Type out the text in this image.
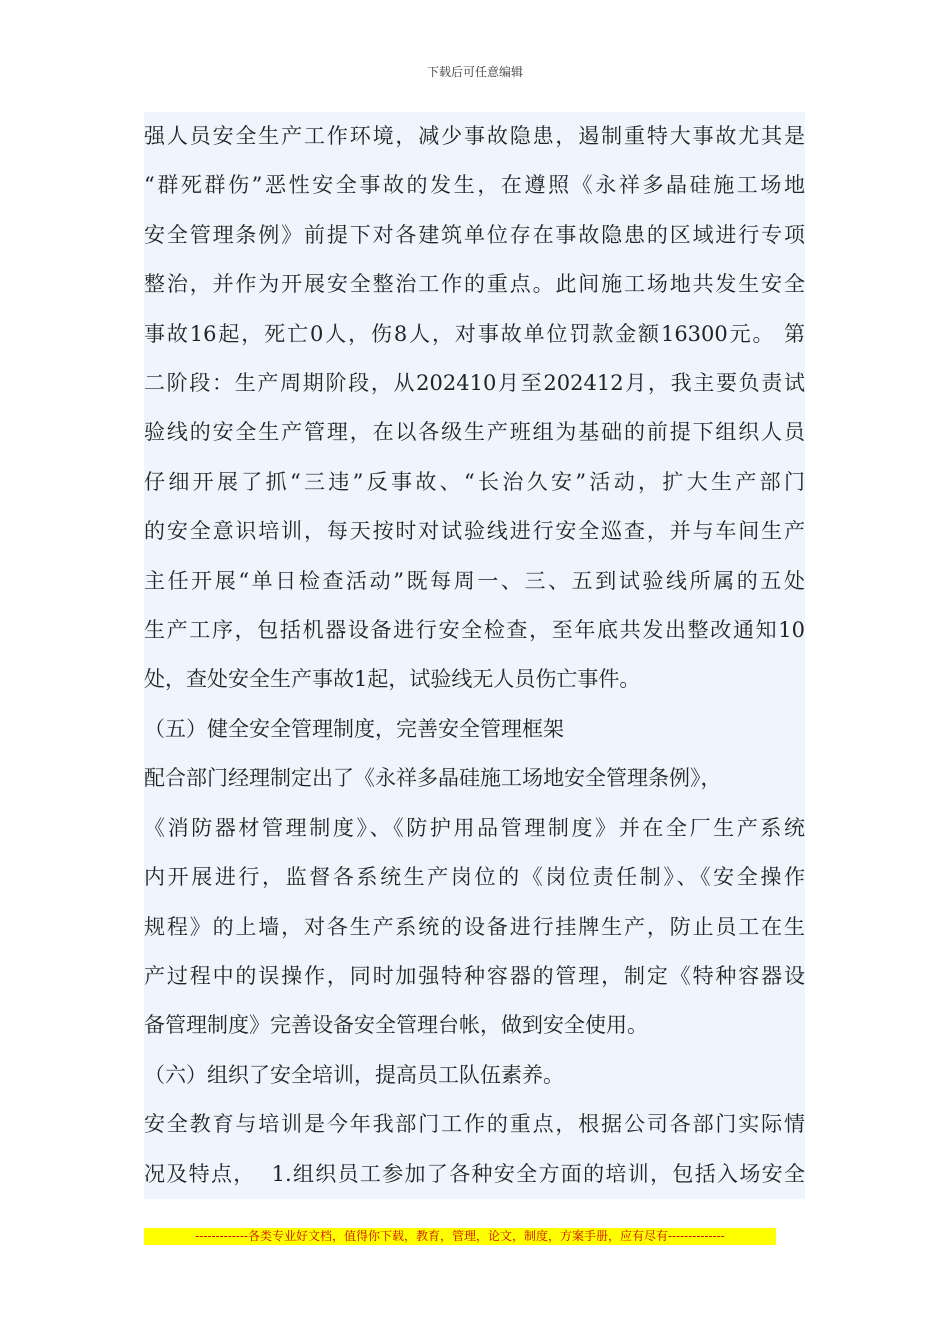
下载后可任意编辑
强人员安全生产工作环境，减少事故隐患，遏制重特大事故尤其是
“群死群伤”恶性安全事故的发生，在遵照《永祥多晶硅施工场地
安全管理条例》前提下对各建筑单位存在事故隐患的区域进行专项
整治，并作为开展安全整治工作的重点。此间施工场地共发生安全
事故16起，死亡0人，伤8人，对事故单位罚款金额16300元。 第
二阶段：生产周期阶段，从202410月至202412月，我主要负责试
验线的安全生产管理，在以各级生产班组为基础的前提下组织人员
仔细开展了抓“三违”反事故、“长治久安”活动，扩大生产部门
的安全意识培训，每天按时对试验线进行安全巡查，并与车间生产
主任开展“单日检查活动”既每周一、三、五到试验线所属的五处
生产工序，包括机器设备进行安全检查，至年底共发出整改通知10
处，查处安全生产事故1起，试验线无人员伤亡事件。
（五）健全安全管理制度，完善安全管理框架
配合部门经理制定出了《永祥多晶硅施工场地安全管理条例》，
《消防器材管理制度》、《防护用品管理制度》并在全厂生产系统
内开展进行，监督各系统生产岗位的《岗位责任制》、《安全操作
规程》的上墙，对各生产系统的设备进行挂牌生产，防止员工在生
产过程中的误操作，同时加强特种容器的管理，制定《特种容器设
备管理制度》完善设备安全管理台帐，做到安全使用。
（六）组织了安全培训，提高员工队伍素养。
安全教育与培训是今年我部门工作的重点，根据公司各部门实际情
况及特点，  1.组织员工参加了各种安全方面的培训，包括入场安全
-------------各类专业好文档，值得你下载，教育，管理，论文，制度，方案手册，应有尽有--------------
